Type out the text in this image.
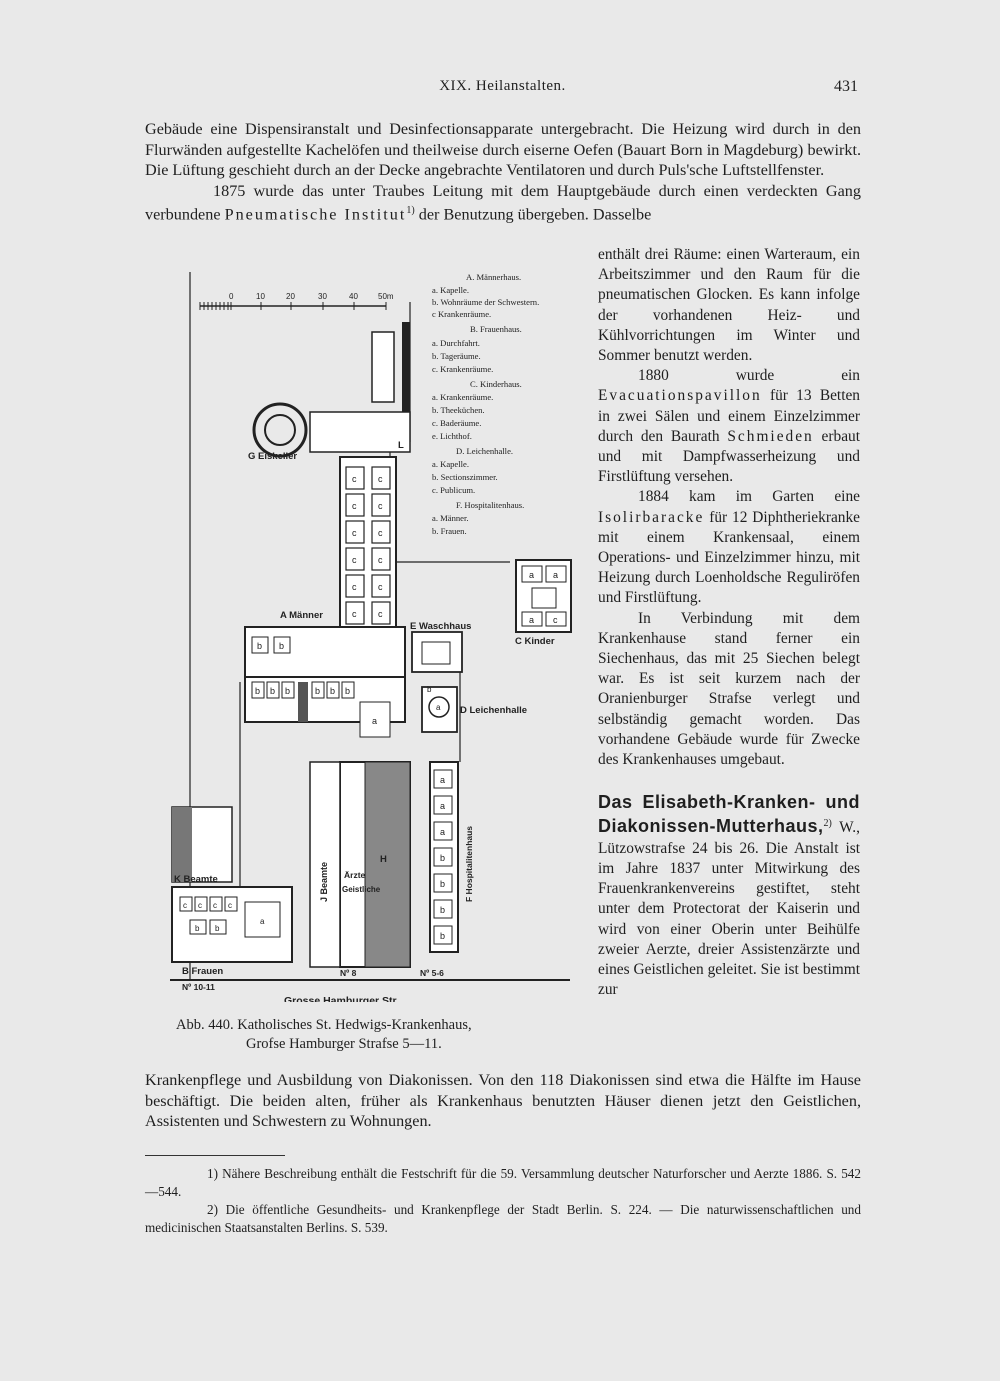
XIX. Heilanstalten.	431

Gebäude eine Dispensiranstalt und Desinfectionsapparate untergebracht. Die Heizung wird durch in den Flurwänden aufgestellte Kachelöfen und theilweise durch eiserne Oefen (Bauart Born in Magdeburg) bewirkt. Die Lüftung geschieht durch an der Decke angebrachte Ventilatoren und durch Puls'sche Luftstellfenster.

1875 wurde das unter Traubes Leitung mit dem Hauptgebäude durch einen verdeckten Gang verbundene Pneumatische Institut$^{1)}$ der Benutzung übergeben. Dasselbe

enthält drei Räume: einen Warteraum, ein Arbeitszimmer und den Raum für die pneumatischen Glocken. Es kann infolge der vorhandenen Heiz- und Kühlvorrichtungen im Winter und Sommer benutzt werden.

1880 wurde ein Evacuationspavillon für 13 Betten in zwei Sälen und einem Einzelzimmer durch den Baurath Schmieden erbaut und mit Dampfwasserheizung und Firstlüftung versehen.

1884 kam im Garten eine Isolirbaracke für 12 Diphtheriekranke mit einem Krankensaal, einem Operations- und Einzelzimmer hinzu, mit Heizung durch Loenholdsche Reguliröfen und Firstlüftung.

In Verbindung mit dem Krankenhause stand ferner ein Siechenhaus, das mit 25 Siechen belegt war. Es ist seit kurzem nach der Oranienburger Strafse verlegt und selbständig gemacht worden. Das vorhandene Gebäude wurde für Zwecke des Krankenhauses umgebaut.

Das Elisabeth-Kranken- und Diakonissen-Mutterhaus,$^{2)}$ W., Lützowstrafse 24 bis 26. Die Anstalt ist im Jahre 1837 unter Mitwirkung des Frauenkrankenvereins gestiftet, steht unter dem Protectorat der Kaiserin und wird von einer Oberin unter Beihülfe zweier Aerzte, dreier Assistenzärzte und eines Geistlichen geleitet. Sie ist bestimmt zur

0	10	20	30	40	50m
A. Männerhaus.
a. Kapelle.
b. Wohnräume der Schwestern.
c Krankenräume.
B. Frauenhaus.
a. Durchfahrt.
b. Tageräume.
c. Krankenräume.
C. Kinderhaus.
a. Krankenräume.
b. Theeküchen.
c. Baderäume.
e. Lichthof.
D. Leichenhalle.
a. Kapelle.
b. Sectionszimmer.
c. Publicum.
F. Hospitalitenhaus.
a. Männer.
b. Frauen.
c c
c c
c c
c c
c c
c c
b b
b b b	b b b
a
a a
a c
b
a
a
a
a
b
b
b
b
c c c c
b b
a
G Eiskeller
A Männer
E Waschhaus
C Kinder
D Leichenhalle
L
K Beamte
H
Ärzte
Geistliche
B Frauen
Nº 10-11
Nº 8	Nº 5-6
J Beamte	F Hospitalitenhaus
Grosse Hamburger Str.
Abb. 440. Katholisches St. Hedwigs-Krankenhaus,
Grofse Hamburger Strafse 5—11.

Krankenpflege und Ausbildung von Diakonissen. Von den 118 Diakonissen sind etwa die Hälfte im Hause beschäftigt. Die beiden alten, früher als Krankenhaus benutzten Häuser dienen jetzt den Geistlichen, Assistenten und Schwestern zu Wohnungen.

1) Nähere Beschreibung enthält die Festschrift für die 59. Versammlung deutscher Naturforscher und Aerzte 1886. S. 542—544.

2) Die öffentliche Gesundheits- und Krankenpflege der Stadt Berlin. S. 224. — Die naturwissenschaftlichen und medicinischen Staatsanstalten Berlins. S. 539.
